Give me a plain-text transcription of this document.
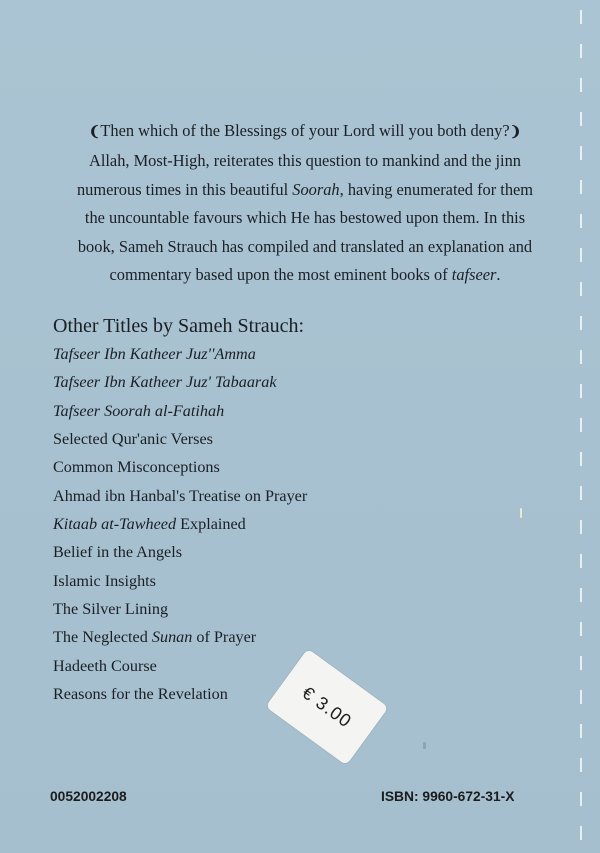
❨Then which of the Blessings of your Lord will you both deny?❩

Allah, Most-High, reiterates this question to mankind and the jinn

numerous times in this beautiful Soorah, having enumerated for them

the uncountable favours which He has bestowed upon them. In this

book, Sameh Strauch has compiled and translated an explanation and

commentary based upon the most eminent books of tafseer.

Other Titles by Sameh Strauch:
Tafseer Ibn Katheer Juz''Amma
Tafseer Ibn Katheer Juz' Tabaarak
Tafseer Soorah al-Fatihah
Selected Qur'anic Verses
Common Misconceptions
Ahmad ibn Hanbal's Treatise on Prayer
Kitaab at-Tawheed Explained
Belief in the Angels
Islamic Insights
The Silver Lining
The Neglected Sunan of Prayer
Hadeeth Course
Reasons for the Revelation	€ 3.00
0052002208	ISBN: 9960-672-31-X
